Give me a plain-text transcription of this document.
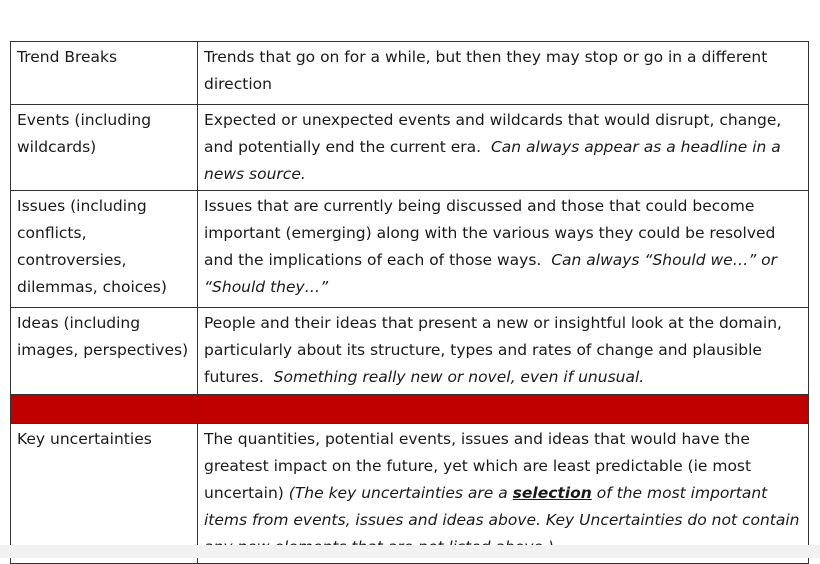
Trend Breaks	Trends that go on for a while, but then they may stop or go in a different direction
Events (including wildcards)	Expected or unexpected events and wildcards that would disrupt, change, and potentially end the current era. Can always appear as a headline in a news source.
Issues (including conflicts, controversies, dilemmas, choices)	Issues that are currently being discussed and those that could become important (emerging) along with the various ways they could be resolved and the implications of each of those ways. Can always “Should we…” or “Should they…”
Ideas (including images, perspectives)	People and their ideas that present a new or insightful look at the domain, particularly about its structure, types and rates of change and plausible futures. Something really new or novel, even if unusual.

Key uncertainties	The quantities, potential events, issues and ideas that would have the greatest impact on the future, yet which are least predictable (ie most uncertain) (The key uncertainties are a selection of the most important items from events, issues and ideas above. Key Uncertainties do not contain
